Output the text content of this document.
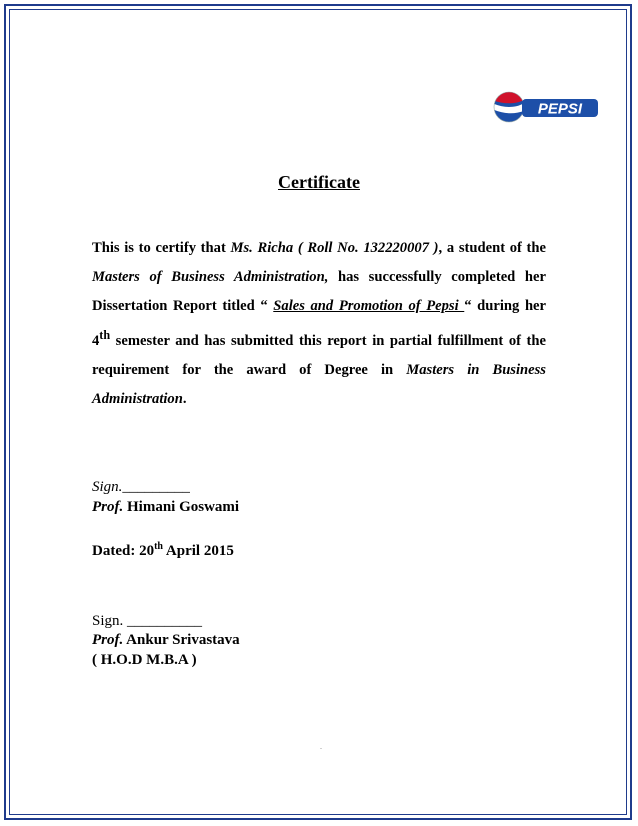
PEPSI
Certificate
This is to certify that Ms. Richa ( Roll No. 132220007 ), a student of the Masters of Business Administration, has successfully completed her Dissertation Report titled “ Sales and Promotion of Pepsi “ during her 4th semester and has submitted this report in partial fulfillment of the requirement for the award of Degree in Masters in Business Administration.
Sign._________
Prof. Himani Goswami
Dated: 20th April 2015
Sign. __________
Prof. Ankur Srivastava
( H.O.D M.B.A )
.
